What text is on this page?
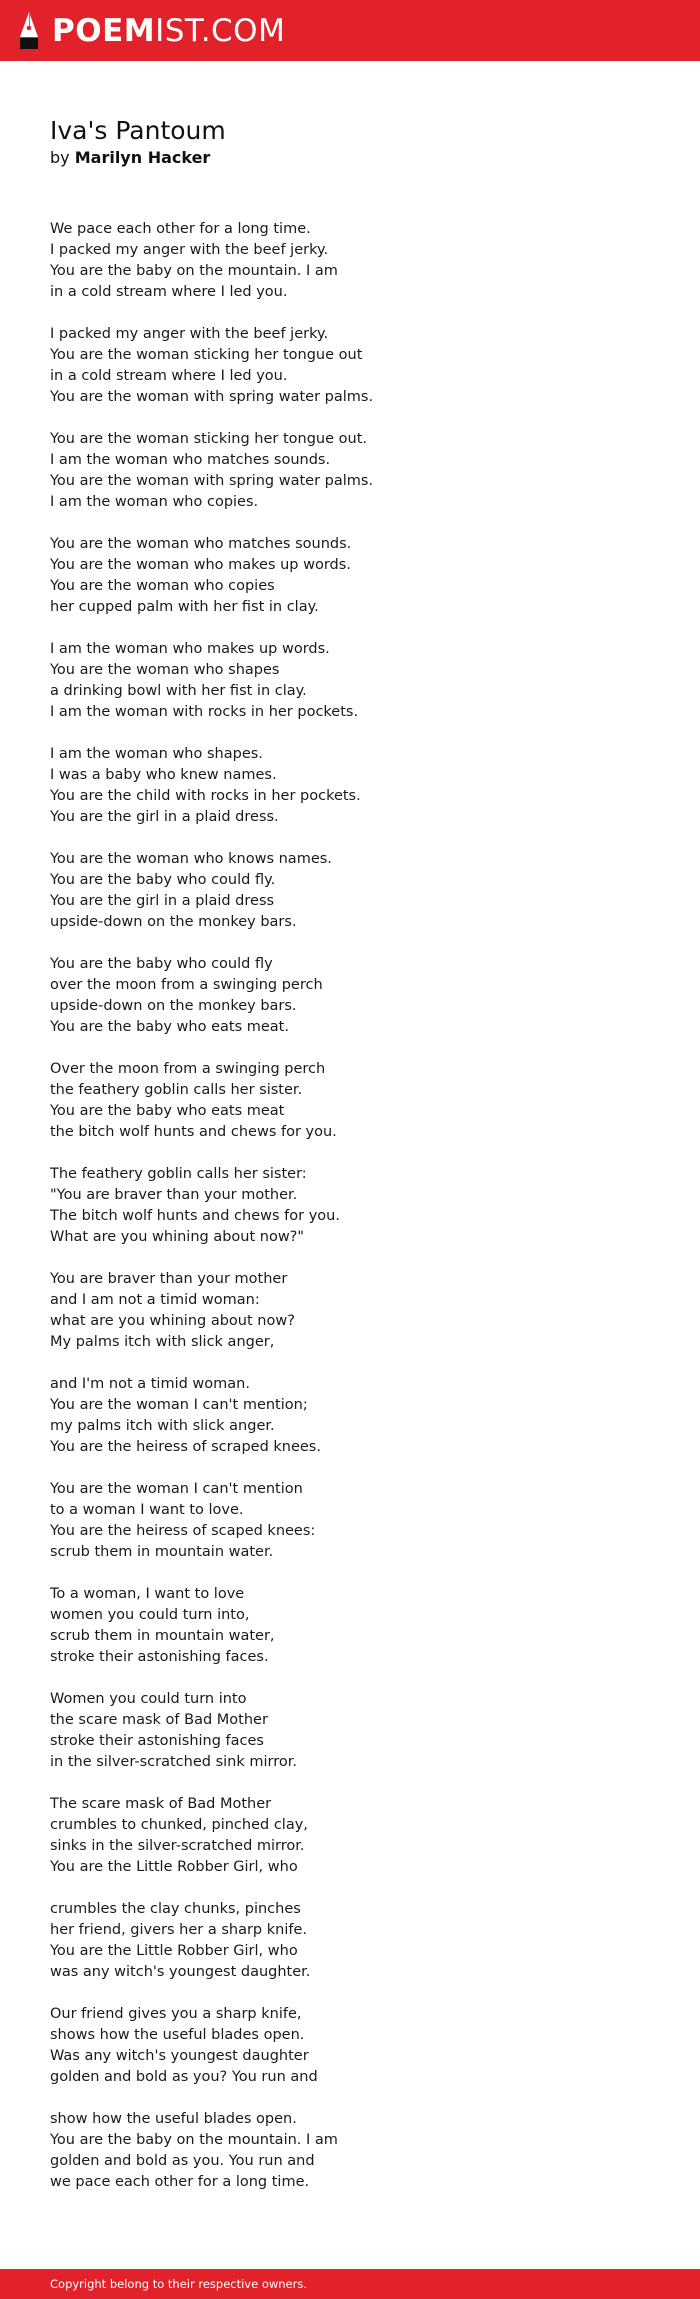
POEMIST.COM
Iva's Pantoum
by Marilyn Hacker
We pace each other for a long time.
I packed my anger with the beef jerky.
You are the baby on the mountain. I am
in a cold stream where I led you.
I packed my anger with the beef jerky.
You are the woman sticking her tongue out
in a cold stream where I led you.
You are the woman with spring water palms.
You are the woman sticking her tongue out.
I am the woman who matches sounds.
You are the woman with spring water palms.
I am the woman who copies.
You are the woman who matches sounds.
You are the woman who makes up words.
You are the woman who copies
her cupped palm with her fist in clay.
I am the woman who makes up words.
You are the woman who shapes
a drinking bowl with her fist in clay.
I am the woman with rocks in her pockets.
I am the woman who shapes.
I was a baby who knew names.
You are the child with rocks in her pockets.
You are the girl in a plaid dress.
You are the woman who knows names.
You are the baby who could fly.
You are the girl in a plaid dress
upside-down on the monkey bars.
You are the baby who could fly
over the moon from a swinging perch
upside-down on the monkey bars.
You are the baby who eats meat.
Over the moon from a swinging perch
the feathery goblin calls her sister.
You are the baby who eats meat
the bitch wolf hunts and chews for you.
The feathery goblin calls her sister:
"You are braver than your mother.
The bitch wolf hunts and chews for you.
What are you whining about now?"
You are braver than your mother
and I am not a timid woman:
what are you whining about now?
My palms itch with slick anger,
and I'm not a timid woman.
You are the woman I can't mention;
my palms itch with slick anger.
You are the heiress of scraped knees.
You are the woman I can't mention
to a woman I want to love.
You are the heiress of scaped knees:
scrub them in mountain water.
To a woman, I want to love
women you could turn into,
scrub them in mountain water,
stroke their astonishing faces.
Women you could turn into
the scare mask of Bad Mother
stroke their astonishing faces
in the silver-scratched sink mirror.
The scare mask of Bad Mother
crumbles to chunked, pinched clay,
sinks in the silver-scratched mirror.
You are the Little Robber Girl, who
crumbles the clay chunks, pinches
her friend, givers her a sharp knife.
You are the Little Robber Girl, who
was any witch's youngest daughter.
Our friend gives you a sharp knife,
shows how the useful blades open.
Was any witch's youngest daughter
golden and bold as you? You run and
show how the useful blades open.
You are the baby on the mountain. I am
golden and bold as you. You run and
we pace each other for a long time.
Copyright belong to their respective owners.
